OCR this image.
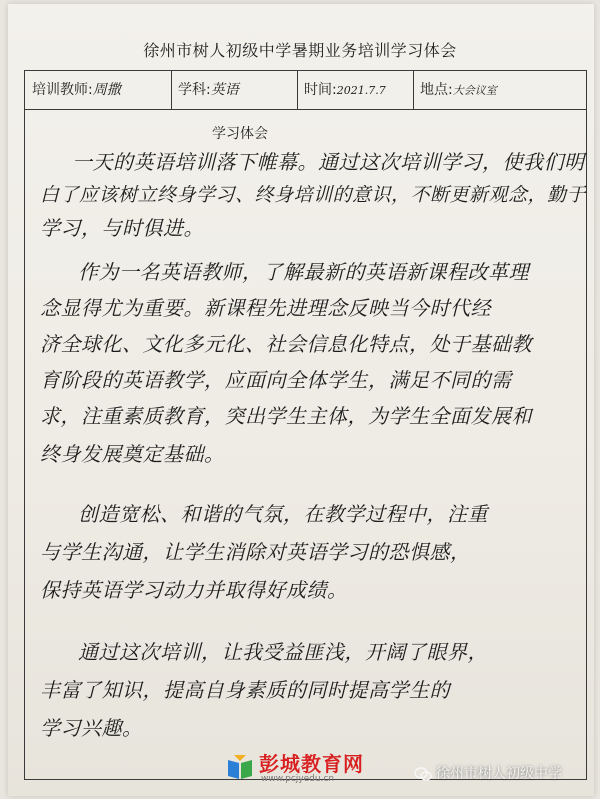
徐州市树人初级中学暑期业务培训学习体会
培训教师:周撒	学科:英语	时间:2021.7.7	地点:大会议室
学习体会
一天的英语培训落下帷幕。通过这次培训学习，使我们明
白了应该树立终身学习、终身培训的意识，不断更新观念，勤于
学习，与时俱进。
作为一名英语教师，了解最新的英语新课程改革理
念显得尤为重要。新课程先进理念反映当今时代经
济全球化、文化多元化、社会信息化特点，处于基础教
育阶段的英语教学，应面向全体学生，满足不同的需
求，注重素质教育，突出学生主体，为学生全面发展和
终身发展奠定基础。
创造宽松、和谐的气氛，在教学过程中，注重
与学生沟通，让学生消除对英语学习的恐惧感，
保持英语学习动力并取得好成绩。
通过这次培训，让我受益匪浅，开阔了眼界，
丰富了知识，提高自身素质的同时提高学生的
学习兴趣。
彭城教育网
www.pcjyedu.cn	徐州市树人初级中学
